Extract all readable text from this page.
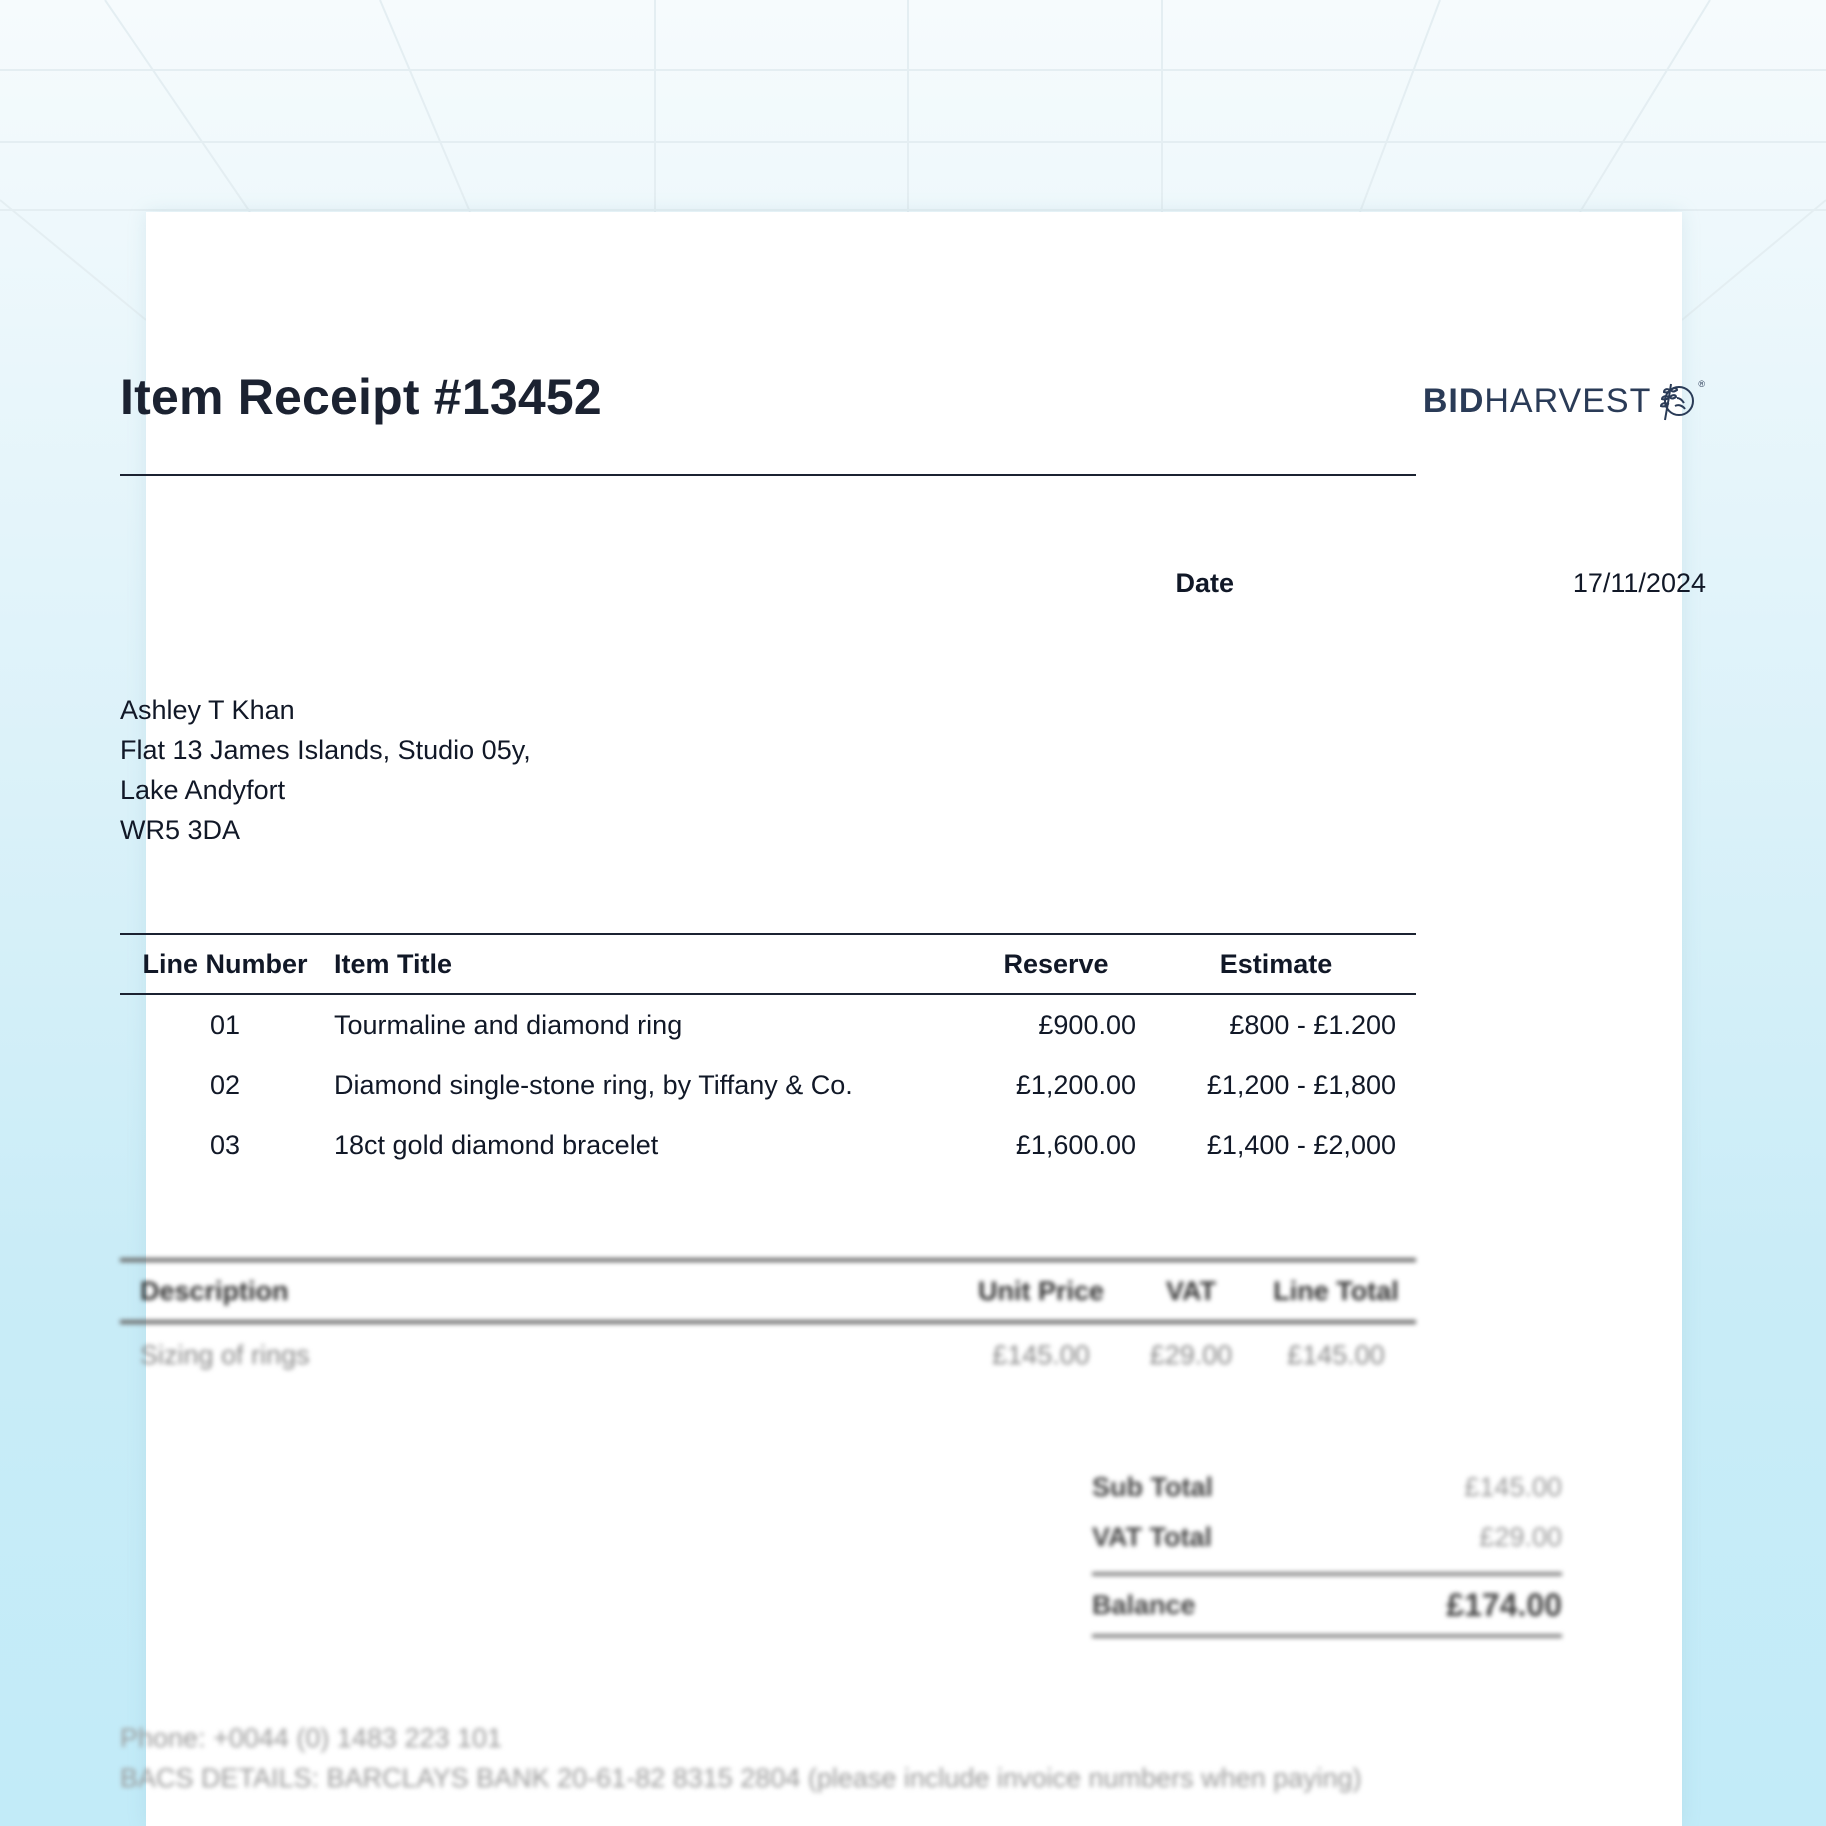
Item Receipt #13452	BID HARVEST	®
Date	17/11/2024
Ashley T Khan
Flat 13 James Islands, Studio 05y,
Lake Andyfort
WR5 3DA
Line Number	Item Title	Reserve	Estimate
01	Tourmaline and diamond ring	£900.00	£800 - £1.200
02	Diamond single-stone ring, by Tiffany & Co.	£1,200.00	£1,200 - £1,800
03	18ct gold diamond bracelet	£1,600.00	£1,400 - £2,000
Description	Unit Price	VAT	Line Total
Sizing of rings	£145.00	£29.00	£145.00
Sub Total	£145.00
VAT Total	£29.00
Balance	£174.00
Phone: +0044 (0) 1483 223 101
BACS DETAILS: BARCLAYS BANK 20-61-82 8315 2804 (please include invoice numbers when paying)
